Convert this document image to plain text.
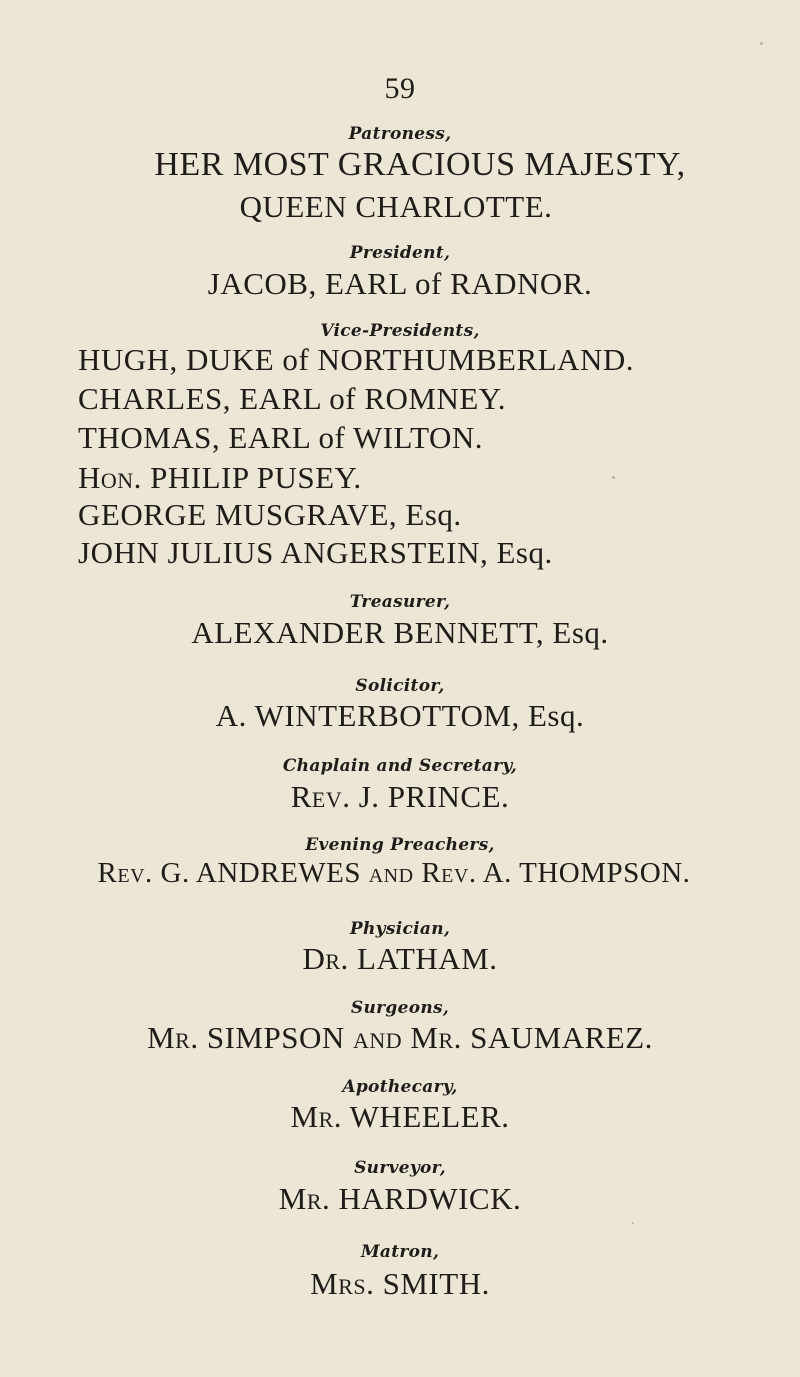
59
Patroness,
HER MOST GRACIOUS MAJESTY,
QUEEN CHARLOTTE.
President,
JACOB, EARL of RADNOR.
Vice-Presidents,
HUGH, DUKE of NORTHUMBERLAND.
CHARLES, EARL of ROMNEY.
THOMAS, EARL of WILTON.
Hon. PHILIP PUSEY.
GEORGE MUSGRAVE, Esq.
JOHN JULIUS ANGERSTEIN, Esq.
Treasurer,
ALEXANDER BENNETT, Esq.
Solicitor,
A. WINTERBOTTOM, Esq.
Chaplain and Secretary,
Rev. J. PRINCE.
Evening Preachers,
Rev. G. ANDREWES and Rev. A. THOMPSON.
Physician,
Dr. LATHAM.
Surgeons,
Mr. SIMPSON and Mr. SAUMAREZ.
Apothecary,
Mr. WHEELER.
Surveyor,
Mr. HARDWICK.
Matron,
Mrs. SMITH.
